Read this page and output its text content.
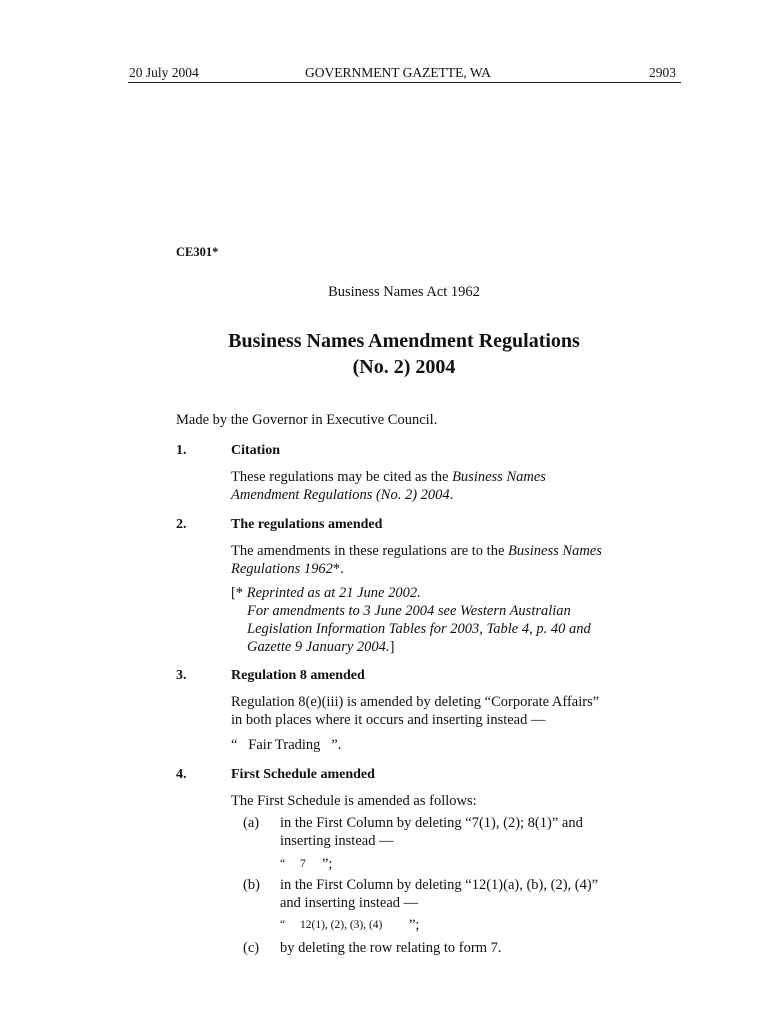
20 July 2004	GOVERNMENT GAZETTE, WA	2903
CE301*
Business Names Act 1962
Business Names Amendment Regulations
(No. 2) 2004
Made by the Governor in Executive Council.
1.	Citation
These regulations may be cited as the Business Names
Amendment Regulations (No. 2) 2004.
2.	The regulations amended
The amendments in these regulations are to the Business Names
Regulations 1962*.
[* Reprinted as at 21 June 2002.
For amendments to 3 June 2004 see Western Australian
Legislation Information Tables for 2003, Table 4, p. 40 and
Gazette 9 January 2004.]
3.	Regulation 8 amended
Regulation 8(e)(iii) is amended by deleting “Corporate Affairs”
in both places where it occurs and inserting instead —
“   Fair Trading   ”.
4.	First Schedule amended
The First Schedule is amended as follows:
(a) in the First Column by deleting “7(1), (2); 8(1)” and
inserting instead —
“ 7 ”;
(b) in the First Column by deleting “12(1)(a), (b), (2), (4)”
and inserting instead —
“ 12(1), (2), (3), (4) ”;
(c) by deleting the row relating to form 7.
